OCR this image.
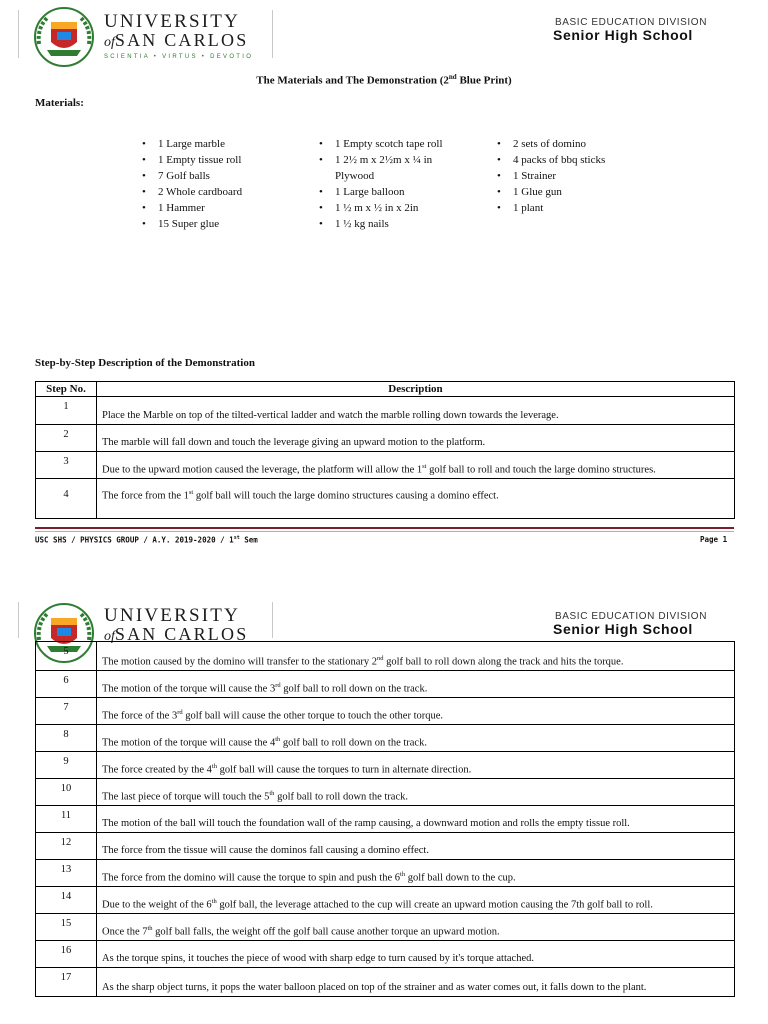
UNIVERSITY
ofSAN CARLOS
SCIENTIA • VIRTUS • DEVOTIO
BASIC EDUCATION DIVISION
Senior High School
The Materials and The Demonstration (2nd Blue Print)
Materials:
• 1 Large marble
• 1 Empty tissue roll
• 7 Golf balls
• 2 Whole cardboard
• 1 Hammer
• 15 Super glue
• 1 Empty scotch tape roll
• 1 2½ m x 2½m x ¼ in Plywood
• 1 Large balloon
• 1 ½ m x ½ in x 2in
• 1 ½ kg nails
• 2 sets of domino
• 4 packs of bbq sticks
• 1 Strainer
• 1 Glue gun
• 1 plant
Step-by-Step Description of the Demonstration
Step No.	Description
1	Place the Marble on top of the tilted-vertical ladder and watch the marble rolling down towards the leverage.
2	The marble will fall down and touch the leverage giving an upward motion to the platform.
3	Due to the upward motion caused the leverage, the platform will allow the 1st golf ball to roll and touch the large domino structures.
4	The force from the 1st golf ball will touch the large domino structures causing a domino effect.
USC SHS / PHYSICS GROUP / A.Y. 2019-2020 / 1st Sem	Page 1
UNIVERSITY
ofSAN CARLOS
BASIC EDUCATION DIVISION
Senior High School
5	The motion caused by the domino will transfer to the stationary 2nd golf ball to roll down along the track and hits the torque.
6	The motion of the torque will cause the 3rd golf ball to roll down on the track.
7	The force of the 3rd golf ball will cause the other torque to touch the other torque.
8	The motion of the torque will cause the 4th golf ball to roll down on the track.
9	The force created by the 4th golf ball will cause the torques to turn in alternate direction.
10	The last piece of torque will touch the 5th golf ball to roll down the track.
11	The motion of the ball will touch the foundation wall of the ramp causing, a downward motion and rolls the empty tissue roll.
12	The force from the tissue will cause the dominos fall causing a domino effect.
13	The force from the domino will cause the torque to spin and push the 6th golf ball down to the cup.
14	Due to the weight of the 6th golf ball, the leverage attached to the cup will create an upward motion causing the 7th golf ball to roll.
15	Once the 7th golf ball falls, the weight off the golf ball cause another torque an upward motion.
16	As the torque spins, it touches the piece of wood with sharp edge to turn caused by it's torque attached.
17	As the sharp object turns, it pops the water balloon placed on top of the strainer and as water comes out, it falls down to the plant.
